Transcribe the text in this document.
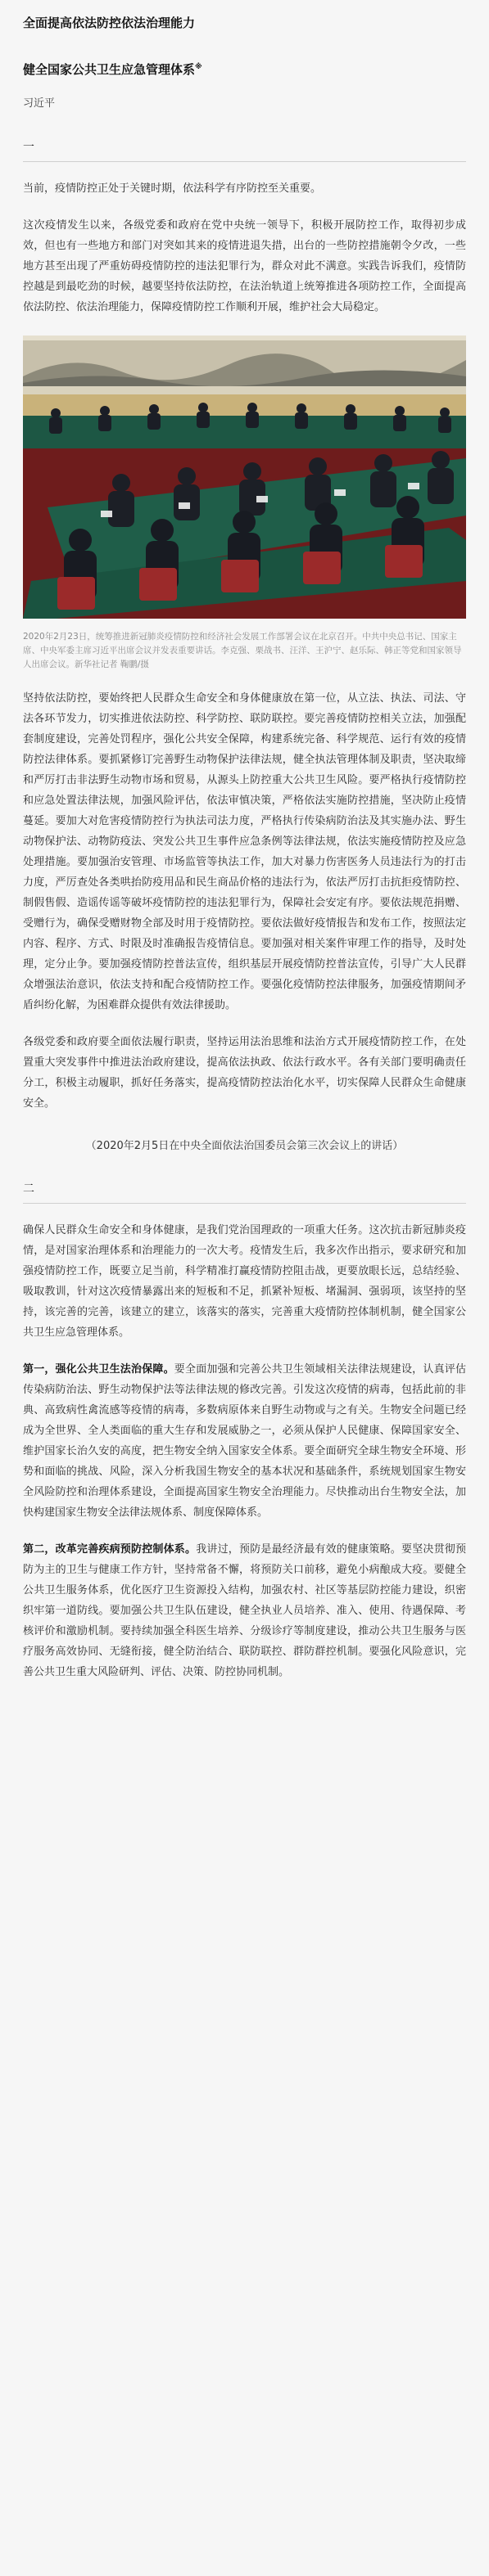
全面提高依法防控依法治理能力
健全国家公共卫生应急管理体系※
习近平
一

当前，疫情防控正处于关键时期，依法科学有序防控至关重要。

这次疫情发生以来，各级党委和政府在党中央统一领导下，积极开展防控工作，取得初步成效，但也有一些地方和部门对突如其来的疫情进退失措，出台的一些防控措施朝令夕改，一些地方甚至出现了严重妨碍疫情防控的违法犯罪行为，群众对此不满意。实践告诉我们，疫情防控越是到最吃劲的时候，越要坚持依法防控，在法治轨道上统筹推进各项防控工作，全面提高依法防控、依法治理能力，保障疫情防控工作顺利开展，维护社会大局稳定。

2020年2月23日，统筹推进新冠肺炎疫情防控和经济社会发展工作部署会议在北京召开。中共中央总书记、国家主席、中央军委主席习近平出席会议并发表重要讲话。李克强、栗战书、汪洋、王沪宁、赵乐际、韩正等党和国家领导人出席会议。新华社记者 鞠鹏/摄

坚持依法防控，要始终把人民群众生命安全和身体健康放在第一位，从立法、执法、司法、守法各环节发力，切实推进依法防控、科学防控、联防联控。要完善疫情防控相关立法，加强配套制度建设，完善处罚程序，强化公共安全保障，构建系统完备、科学规范、运行有效的疫情防控法律体系。要抓紧修订完善野生动物保护法律法规，健全执法管理体制及职责，坚决取缔和严厉打击非法野生动物市场和贸易，从源头上防控重大公共卫生风险。要严格执行疫情防控和应急处置法律法规，加强风险评估，依法审慎决策，严格依法实施防控措施，坚决防止疫情蔓延。要加大对危害疫情防控行为执法司法力度，严格执行传染病防治法及其实施办法、野生动物保护法、动物防疫法、突发公共卫生事件应急条例等法律法规，依法实施疫情防控及应急处理措施。要加强治安管理、市场监管等执法工作，加大对暴力伤害医务人员违法行为的打击力度，严厉查处各类哄抬防疫用品和民生商品价格的违法行为，依法严厉打击抗拒疫情防控、制假售假、造谣传谣等破坏疫情防控的违法犯罪行为，保障社会安定有序。要依法规范捐赠、受赠行为，确保受赠财物全部及时用于疫情防控。要依法做好疫情报告和发布工作，按照法定内容、程序、方式、时限及时准确报告疫情信息。要加强对相关案件审理工作的指导，及时处理，定分止争。要加强疫情防控普法宣传，组织基层开展疫情防控普法宣传，引导广大人民群众增强法治意识，依法支持和配合疫情防控工作。要强化疫情防控法律服务，加强疫情期间矛盾纠纷化解，为困难群众提供有效法律援助。

各级党委和政府要全面依法履行职责，坚持运用法治思维和法治方式开展疫情防控工作，在处置重大突发事件中推进法治政府建设，提高依法执政、依法行政水平。各有关部门要明确责任分工，积极主动履职，抓好任务落实，提高疫情防控法治化水平，切实保障人民群众生命健康安全。

（2020年2月5日在中央全面依法治国委员会第三次会议上的讲话）
二

确保人民群众生命安全和身体健康，是我们党治国理政的一项重大任务。这次抗击新冠肺炎疫情，是对国家治理体系和治理能力的一次大考。疫情发生后，我多次作出指示，要求研究和加强疫情防控工作，既要立足当前，科学精准打赢疫情防控阻击战，更要放眼长远，总结经验、吸取教训，针对这次疫情暴露出来的短板和不足，抓紧补短板、堵漏洞、强弱项，该坚持的坚持，该完善的完善，该建立的建立，该落实的落实，完善重大疫情防控体制机制，健全国家公共卫生应急管理体系。

第一，强化公共卫生法治保障。要全面加强和完善公共卫生领域相关法律法规建设，认真评估传染病防治法、野生动物保护法等法律法规的修改完善。引发这次疫情的病毒，包括此前的非典、高致病性禽流感等疫情的病毒，多数病原体来自野生动物或与之有关。生物安全问题已经成为全世界、全人类面临的重大生存和发展威胁之一，必须从保护人民健康、保障国家安全、维护国家长治久安的高度，把生物安全纳入国家安全体系。要全面研究全球生物安全环境、形势和面临的挑战、风险，深入分析我国生物安全的基本状况和基础条件，系统规划国家生物安全风险防控和治理体系建设，全面提高国家生物安全治理能力。尽快推动出台生物安全法，加快构建国家生物安全法律法规体系、制度保障体系。

第二，改革完善疾病预防控制体系。我讲过，预防是最经济最有效的健康策略。要坚决贯彻预防为主的卫生与健康工作方针，坚持常备不懈，将预防关口前移，避免小病酿成大疫。要健全公共卫生服务体系，优化医疗卫生资源投入结构，加强农村、社区等基层防控能力建设，织密织牢第一道防线。要加强公共卫生队伍建设，健全执业人员培养、准入、使用、待遇保障、考核评价和激励机制。要持续加强全科医生培养、分级诊疗等制度建设，推动公共卫生服务与医疗服务高效协同、无缝衔接，健全防治结合、联防联控、群防群控机制。要强化风险意识，完善公共卫生重大风险研判、评估、决策、防控协同机制。
